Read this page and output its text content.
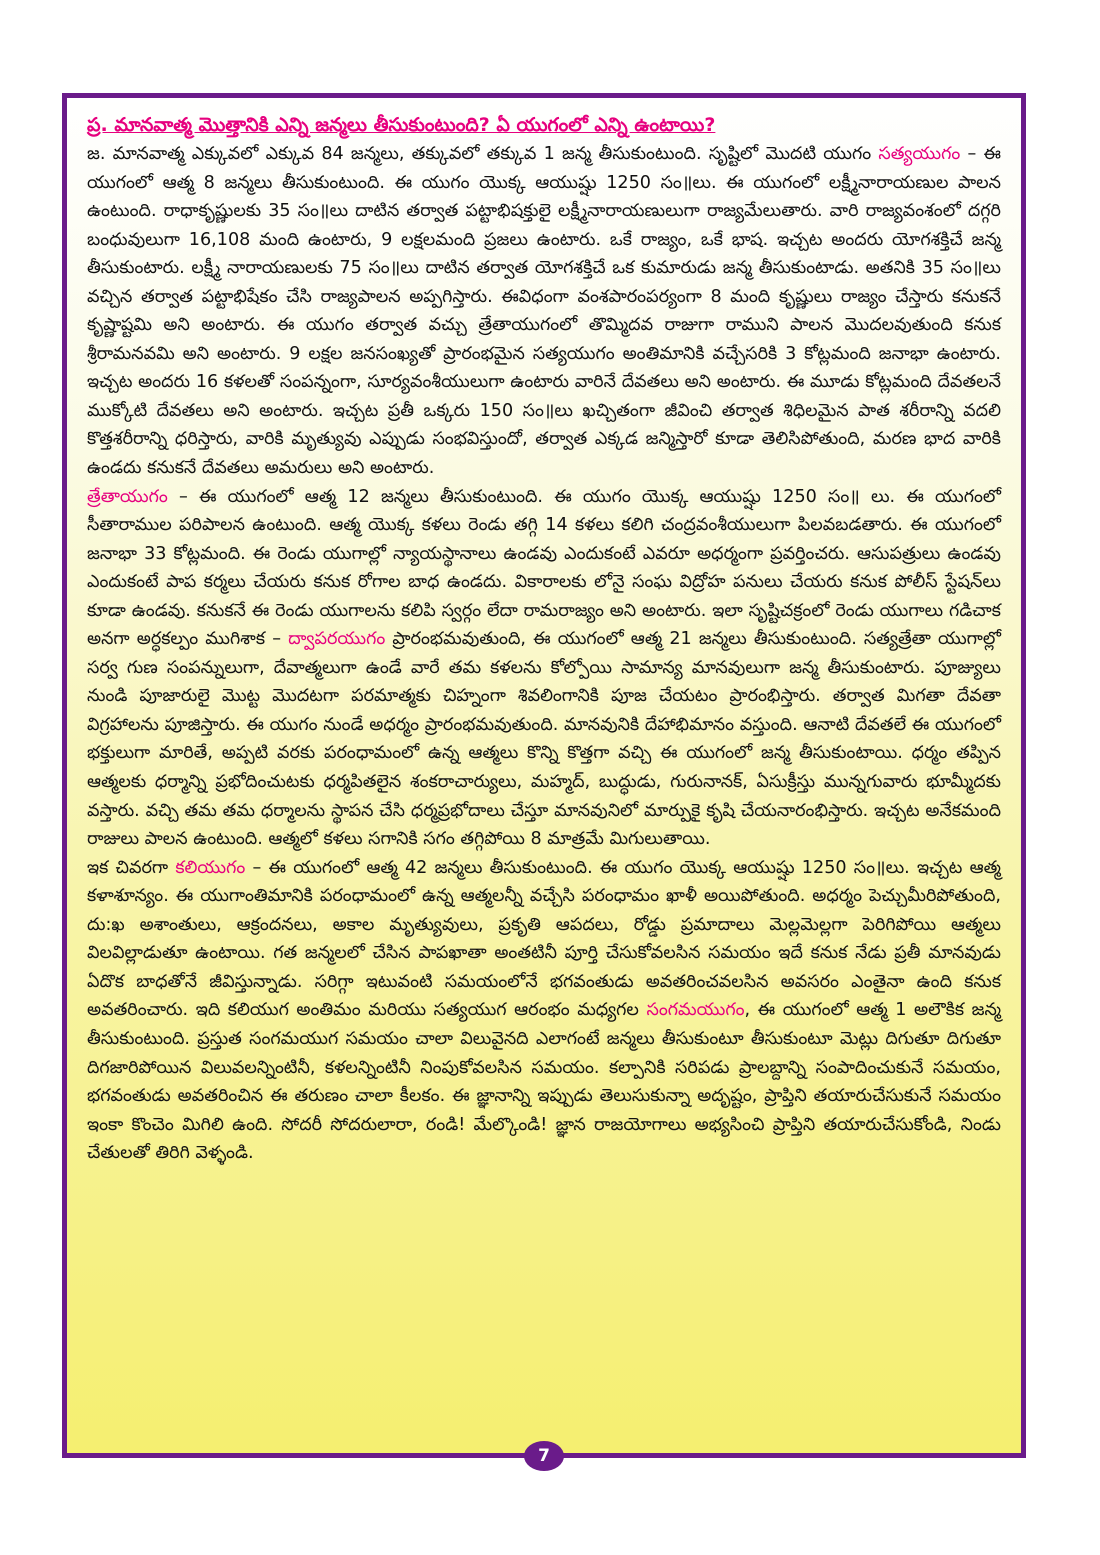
ప్ర. మానవాత్మ మొత్తానికి ఎన్ని జన్మలు తీసుకుంటుంది? ఏ యుగంలో ఎన్ని ఉంటాయి?

జ. మానవాత్మ ఎక్కువలో ఎక్కువ 84 జన్మలు, తక్కువలో తక్కువ 1 జన్మ తీసుకుంటుంది. సృష్టిలో మొదటి యుగం సత్యయుగం – ఈ యుగంలో ఆత్మ 8 జన్మలు తీసుకుంటుంది. ఈ యుగం యొక్క ఆయుష్షు 1250 సం॥లు. ఈ యుగంలో లక్ష్మీనారాయణుల పాలన ఉంటుంది. రాధాకృష్ణులకు 35 సం॥లు దాటిన తర్వాత పట్టాభిషక్తులై లక్ష్మీనారాయణులుగా రాజ్యమేలుతారు. వారి రాజ్యవంశంలో దగ్గరి బంధువులుగా 16,108 మంది ఉంటారు, 9 లక్షలమంది ప్రజలు ఉంటారు. ఒకే రాజ్యం, ఒకే భాష. ఇచ్చట అందరు యోగశక్తిచే జన్మ తీసుకుంటారు. లక్ష్మీ నారాయణులకు 75 సం॥లు దాటిన తర్వాత యోగశక్తిచే ఒక కుమారుడు జన్మ తీసుకుంటాడు. అతనికి 35 సం॥లు వచ్చిన తర్వాత పట్టాభిషేకం చేసి రాజ్యపాలన అప్పగిస్తారు. ఈవిధంగా వంశపారంపర్యంగా 8 మంది కృష్ణులు రాజ్యం చేస్తారు కనుకనే కృష్ణాష్టమి అని అంటారు. ఈ యుగం తర్వాత వచ్చు త్రేతాయుగంలో తొమ్మిదవ రాజుగా రాముని పాలన మొదలవుతుంది కనుక శ్రీరామనవమి అని అంటారు. 9 లక్షల జనసంఖ్యతో ప్రారంభమైన సత్యయుగం అంతిమానికి వచ్చేసరికి 3 కోట్లమంది జనాభా ఉంటారు. ఇచ్చట అందరు 16 కళలతో సంపన్నంగా, సూర్యవంశీయులుగా ఉంటారు వారినే దేవతలు అని అంటారు. ఈ మూడు కోట్లమంది దేవతలనే ముక్కోటి దేవతలు అని అంటారు. ఇచ్చట ప్రతీ ఒక్కరు 150 సం॥లు ఖచ్చితంగా జీవించి తర్వాత శిధిలమైన పాత శరీరాన్ని వదలి కొత్తశరీరాన్ని ధరిస్తారు, వారికి మృత్యువు ఎప్పుడు సంభవిస్తుందో, తర్వాత ఎక్కడ జన్మిస్తారో కూడా తెలిసిపోతుంది, మరణ భాద వారికి ఉండదు కనుకనే దేవతలు అమరులు అని అంటారు.

త్రేతాయుగం – ఈ యుగంలో ఆత్మ 12 జన్మలు తీసుకుంటుంది. ఈ యుగం యొక్క ఆయుష్షు 1250 సం॥ లు. ఈ యుగంలో సీతారాముల పరిపాలన ఉంటుంది. ఆత్మ యొక్క కళలు రెండు తగ్గి 14 కళలు కలిగి చంద్రవంశీయులుగా పిలవబడతారు. ఈ యుగంలో జనాభా 33 కోట్లమంది. ఈ రెండు యుగాల్లో న్యాయస్థానాలు ఉండవు ఎందుకంటే ఎవరూ అధర్మంగా ప్రవర్తించరు. ఆసుపత్రులు ఉండవు ఎందుకంటే పాప కర్మలు చేయరు కనుక రోగాల బాధ ఉండదు. వికారాలకు లోనై సంఘ విద్రోహ పనులు చేయరు కనుక పోలీస్ స్టేషన్‌లు కూడా ఉండవు. కనుకనే ఈ రెండు యుగాలను కలిపి స్వర్గం లేదా రామరాజ్యం అని అంటారు. ఇలా సృష్టిచక్రంలో రెండు యుగాలు గడిచాక అనగా అర్ధకల్పం ముగిశాక – ద్వాపరయుగం ప్రారంభమవుతుంది, ఈ యుగంలో ఆత్మ 21 జన్మలు తీసుకుంటుంది. సత్యత్రేతా యుగాల్లో సర్వ గుణ సంపన్నులుగా, దేవాత్మలుగా ఉండే వారే తమ కళలను కోల్పోయి సామాన్య మానవులుగా జన్మ తీసుకుంటారు. పూజ్యులు నుండి పూజారులై మొట్ట మొదటగా పరమాత్మకు చిహ్నంగా శివలింగానికి పూజ చేయటం ప్రారంభిస్తారు. తర్వాత మిగతా దేవతా విగ్రహాలను పూజిస్తారు. ఈ యుగం నుండే అధర్మం ప్రారంభమవుతుంది. మానవునికి దేహాభిమానం వస్తుంది. ఆనాటి దేవతలే ఈ యుగంలో భక్తులుగా మారితే, అప్పటి వరకు పరంధామంలో ఉన్న ఆత్మలు కొన్ని కొత్తగా వచ్చి ఈ యుగంలో జన్మ తీసుకుంటాయి. ధర్మం తప్పిన ఆత్మలకు ధర్మాన్ని ప్రభోదించుటకు ధర్మపితలైన శంకరాచార్యులు, మహ్మద్, బుద్ధుడు, గురునానక్, ఏసుక్రీస్తు మున్నగువారు భూమ్మీదకు వస్తారు. వచ్చి తమ తమ ధర్మాలను స్థాపన చేసి ధర్మప్రభోదాలు చేస్తూ మానవునిలో మార్పుకై కృషి చేయనారంభిస్తారు. ఇచ్చట అనేకమంది రాజులు పాలన ఉంటుంది. ఆత్మలో కళలు సగానికి సగం తగ్గిపోయి 8 మాత్రమే మిగులుతాయి.

ఇక చివరగా కలియుగం – ఈ యుగంలో ఆత్మ 42 జన్మలు తీసుకుంటుంది. ఈ యుగం యొక్క ఆయుష్షు 1250 సం॥లు. ఇచ్చట ఆత్మ కళాశూన్యం. ఈ యుగాంతిమానికి పరంధామంలో ఉన్న ఆత్మలన్నీ వచ్చేసి పరంధామం ఖాళీ అయిపోతుంది. అధర్మం పెచ్చుమీరిపోతుంది, దు:ఖ అశాంతులు, ఆక్రందనలు, అకాల మృత్యువులు, ప్రకృతి ఆపదలు, రోడ్డు ప్రమాదాలు మెల్లమెల్లగా పెరిగిపోయి ఆత్మలు విలవిల్లాడుతూ ఉంటాయి. గత జన్మలలో చేసిన పాపఖాతా అంతటినీ పూర్తి చేసుకోవలసిన సమయం ఇదే కనుక నేడు ప్రతీ మానవుడు ఏదొక బాధతోనే జీవిస్తున్నాడు. సరిగ్గా ఇటువంటి సమయంలోనే భగవంతుడు అవతరించవలసిన అవసరం ఎంతైనా ఉంది కనుక అవతరించారు. ఇది కలియుగ అంతిమం మరియు సత్యయుగ ఆరంభం మధ్యగల సంగమయుగం, ఈ యుగంలో ఆత్మ 1 అలౌకిక జన్మ తీసుకుంటుంది. ప్రస్తుత సంగమయుగ సమయం చాలా విలువైనది ఎలాగంటే జన్మలు తీసుకుంటూ తీసుకుంటూ మెట్లు దిగుతూ దిగుతూ దిగజారిపోయిన విలువలన్నింటినీ, కళలన్నింటినీ నింపుకోవలసిన సమయం. కల్పానికి సరిపడు ప్రాలబ్దాన్ని సంపాదించుకునే సమయం, భగవంతుడు అవతరించిన ఈ తరుణం చాలా కీలకం. ఈ జ్ఞానాన్ని ఇప్పుడు తెలుసుకున్నా అదృష్టం, ప్రాప్తిని తయారుచేసుకునే సమయం ఇంకా కొంచెం మిగిలి ఉంది. సోదరీ సోదరులారా, రండి! మేల్కొండి! జ్ఞాన రాజయోగాలు అభ్యసించి ప్రాప్తిని తయారుచేసుకోండి, నిండు చేతులతో తిరిగి వెళ్ళండి.

7
